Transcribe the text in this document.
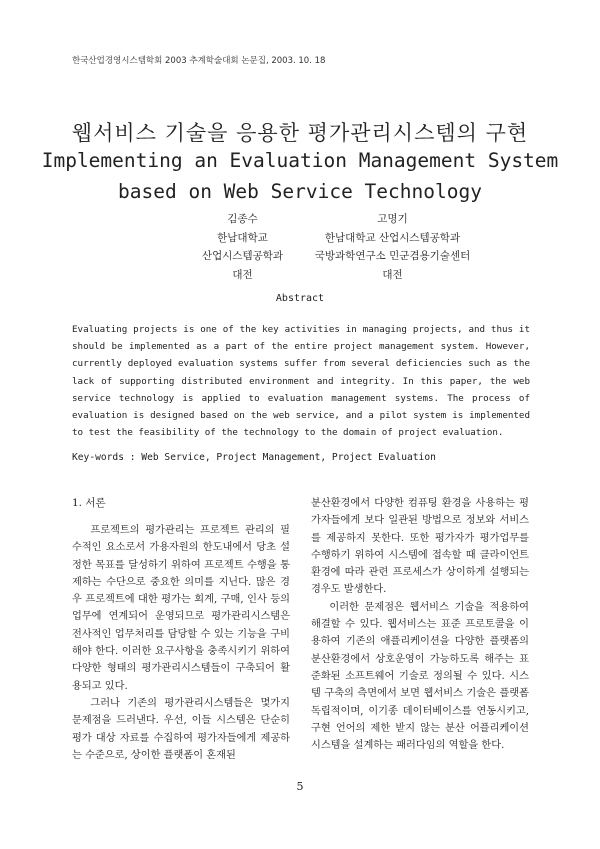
한국산업경영시스템학회 2003 추계학술대회 논문집, 2003. 10. 18
웹서비스 기술을 응용한 평가관리시스템의 구현
Implementing an Evaluation Management System
based on Web Service Technology
김종수
한남대학교
산업시스템공학과
대전
고명기
한남대학교 산업시스템공학과
국방과학연구소 민군겸용기술센터
대전
Abstract
Evaluating projects is one of the key activities in managing projects, and thus it should be implemented as a part of the entire project management system. However, currently deployed evaluation systems suffer from several deficiencies such as the lack of supporting distributed environment and integrity. In this paper, the web service technology is applied to evaluation management systems. The process of evaluation is designed based on the web service, and a pilot system is implemented to test the feasibility of the technology to the domain of project evaluation.
Key-words : Web Service, Project Management, Project Evaluation
1. 서론

프로젝트의 평가관리는 프로젝트 관리의 필수적인 요소로서 가용자원의 한도내에서 당초 설정한 목표를 달성하기 위하여 프로젝트 수행을 통제하는 수단으로 중요한 의미를 지닌다. 많은 경우 프로젝트에 대한 평가는 회계, 구매, 인사 등의 업무에 연계되어 운영되므로 평가관리시스템은 전사적인 업무처리를 담당할 수 있는 기능을 구비해야 한다. 이러한 요구사항을 충족시키기 위하여 다양한 형태의 평가관리시스템들이 구축되어 활용되고 있다.

그러나 기존의 평가관리시스템들은 몇가지 문제점을 드러낸다. 우선, 이들 시스템은 단순히 평가 대상 자료를 수집하여 평가자들에게 제공하는 수준으로, 상이한 플랫폼이 혼재된

분산환경에서 다양한 컴퓨팅 환경을 사용하는 평가자들에게 보다 일관된 방법으로 정보와 서비스를 제공하지 못한다. 또한 평가자가 평가업무를 수행하기 위하여 시스템에 접속할 때 클라이언트 환경에 따라 관련 프로세스가 상이하게 설행되는 경우도 발생한다.

이러한 문제점은 웹서비스 기술을 적용하여 해결할 수 있다. 웹서비스는 표준 프로토콜을 이용하여 기존의 애플리케이션을 다양한 플랫폼의 분산환경에서 상호운영이 가능하도록 해주는 표준화된 소프트웨어 기술로 정의될 수 있다. 시스템 구축의 측면에서 보면 웹서비스 기술은 플랫폼 독립적이며, 이기종 데이터베이스를 연동시키고, 구현 언어의 제한 받지 않는 분산 어플리케이션 시스템을 설계하는 패러다임의 역할을 한다.

5
